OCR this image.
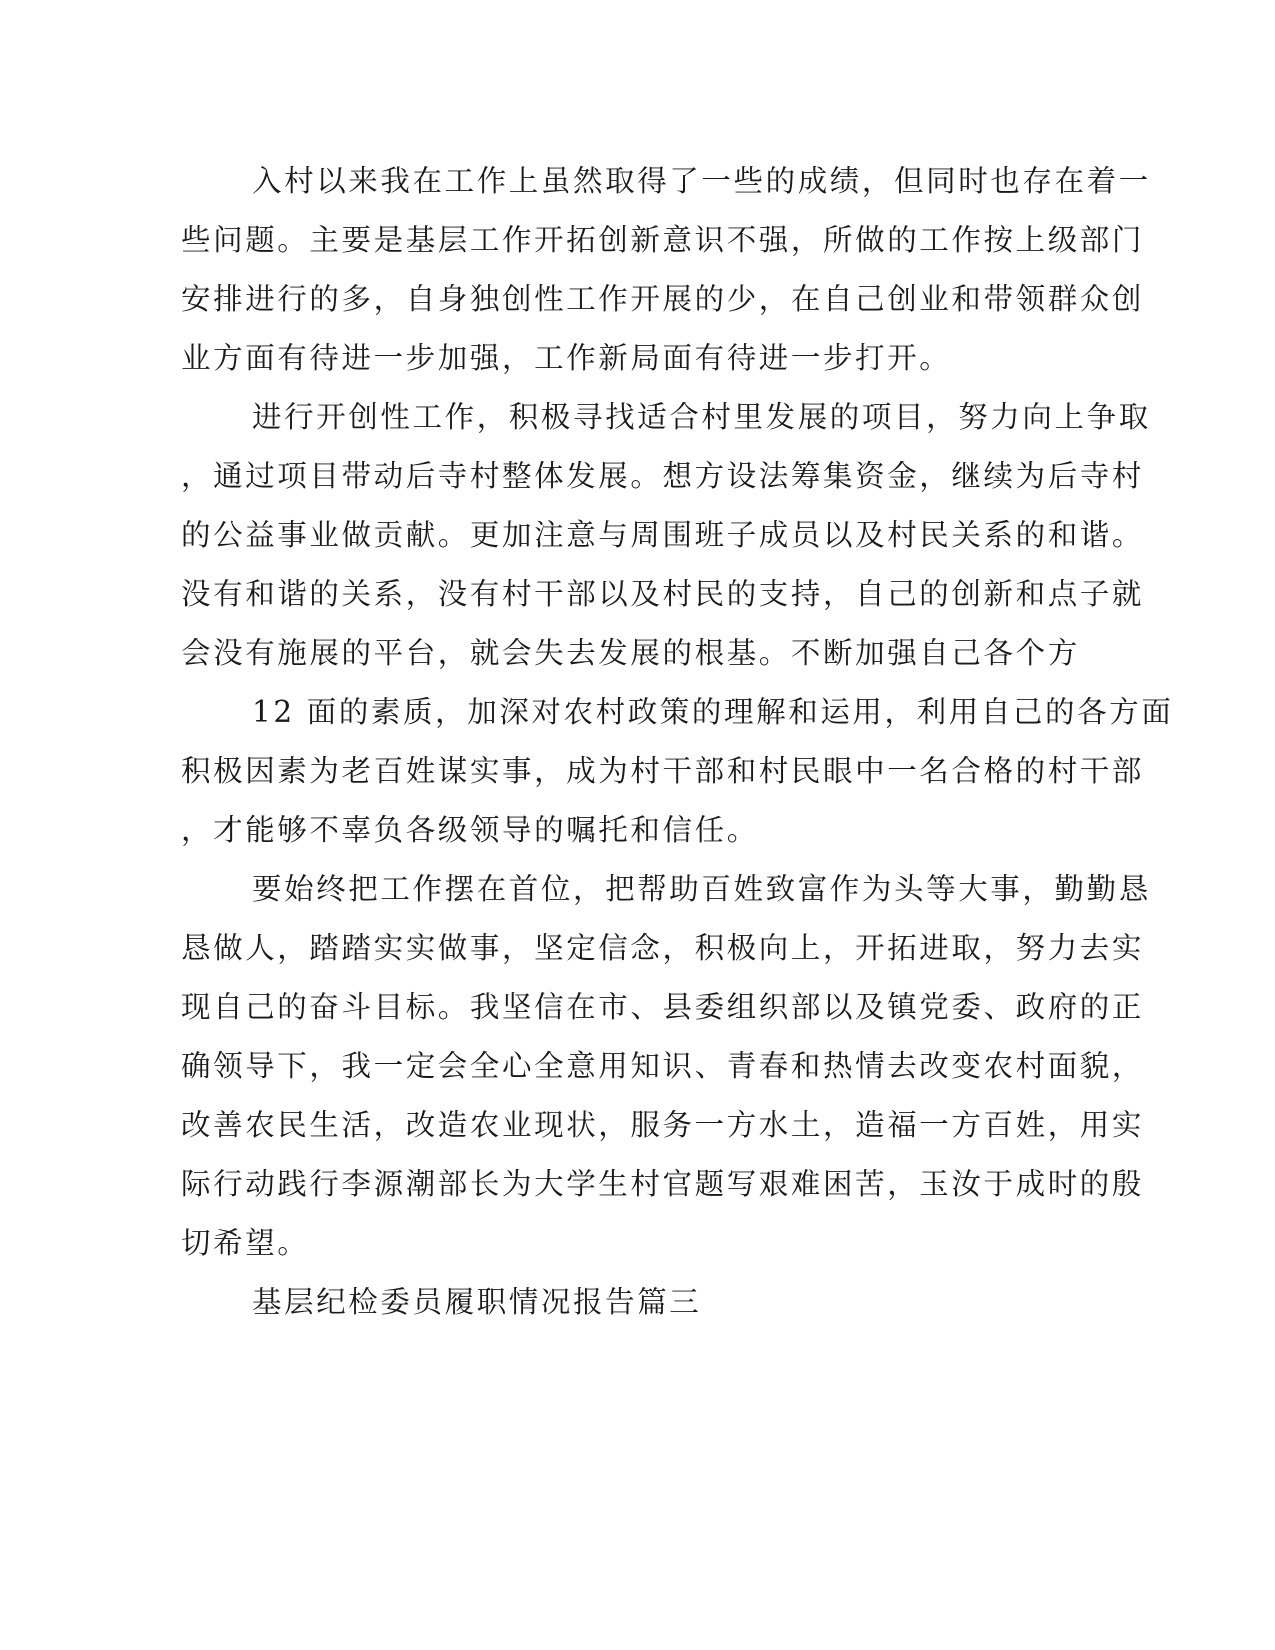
入村以来我在工作上虽然取得了一些的成绩，但同时也存在着一

些问题。主要是基层工作开拓创新意识不强，所做的工作按上级部门

安排进行的多，自身独创性工作开展的少，在自己创业和带领群众创

业方面有待进一步加强，工作新局面有待进一步打开。

进行开创性工作，积极寻找适合村里发展的项目，努力向上争取

，通过项目带动后寺村整体发展。想方设法筹集资金，继续为后寺村

的公益事业做贡献。更加注意与周围班子成员以及村民关系的和谐。

没有和谐的关系，没有村干部以及村民的支持，自己的创新和点子就

会没有施展的平台，就会失去发展的根基。不断加强自己各个方

12 面的素质，加深对农村政策的理解和运用，利用自己的各方面

积极因素为老百姓谋实事，成为村干部和村民眼中一名合格的村干部

，才能够不辜负各级领导的嘱托和信任。

要始终把工作摆在首位，把帮助百姓致富作为头等大事，勤勤恳

恳做人，踏踏实实做事，坚定信念，积极向上，开拓进取，努力去实

现自己的奋斗目标。我坚信在市、县委组织部以及镇党委、政府的正

确领导下，我一定会全心全意用知识、青春和热情去改变农村面貌，

改善农民生活，改造农业现状，服务一方水土，造福一方百姓，用实

际行动践行李源潮部长为大学生村官题写艰难困苦，玉汝于成时的殷

切希望。

基层纪检委员履职情况报告篇三
